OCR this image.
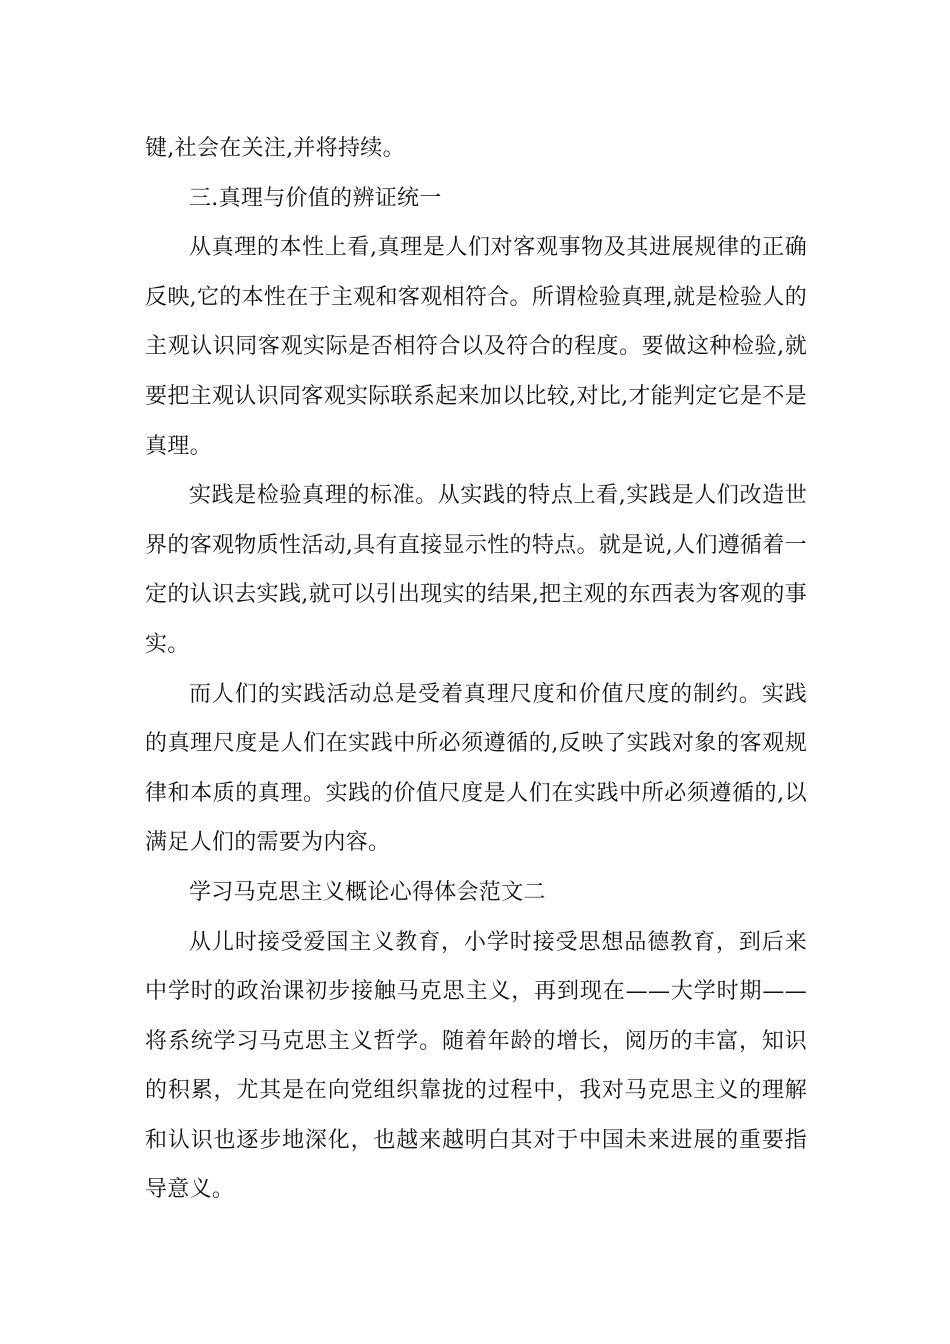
键,社会在关注,并将持续。

三.真理与价值的辨证统一

从真理的本性上看,真理是人们对客观事物及其进展规律的正确反映,它的本性在于主观和客观相符合。所谓检验真理,就是检验人的主观认识同客观实际是否相符合以及符合的程度。要做这种检验,就要把主观认识同客观实际联系起来加以比较,对比,才能判定它是不是真理。

实践是检验真理的标准。从实践的特点上看,实践是人们改造世界的客观物质性活动,具有直接显示性的特点。就是说,人们遵循着一定的认识去实践,就可以引出现实的结果,把主观的东西表为客观的事实。

而人们的实践活动总是受着真理尺度和价值尺度的制约。实践的真理尺度是人们在实践中所必须遵循的,反映了实践对象的客观规律和本质的真理。实践的价值尺度是人们在实践中所必须遵循的,以满足人们的需要为内容。

学习马克思主义概论心得体会范文二

从儿时接受爱国主义教育，小学时接受思想品德教育，到后来中学时的政治课初步接触马克思主义，再到现在——大学时期——将系统学习马克思主义哲学。随着年龄的增长，阅历的丰富，知识的积累，尤其是在向党组织靠拢的过程中，我对马克思主义的理解和认识也逐步地深化，也越来越明白其对于中国未来进展的重要指导意义。
